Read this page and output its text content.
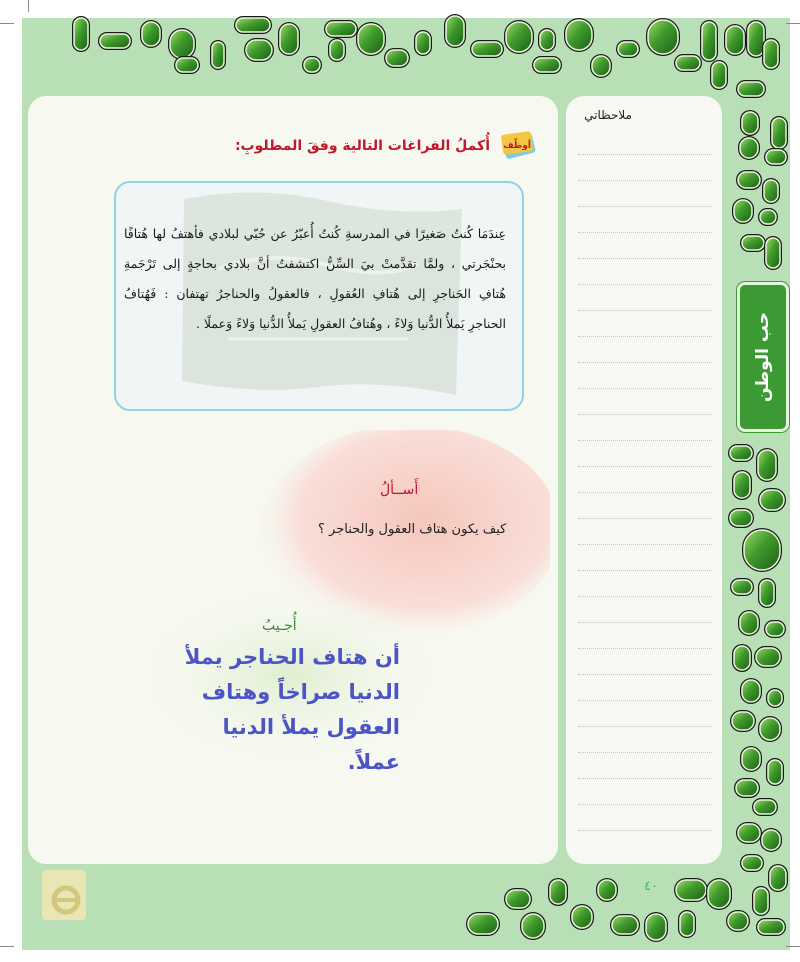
ملاحظاتي
حب الوطن
أوظّف
أُكملُ الفراغات التالية وفقَ المطلوبِ:
عِندَمَا كُنتُ صَغيرًا في المدرسةِ كُنتُ أُعبّرُ عن حُبّي لبلادي فأهتفُ لها هُتافًا بحنْجَرتي ، ولمَّا تقدَّمتْ بيَ السِّنُّ اكتشفتُ أنَّ بلادي بحاجةٍ إلى تَرْجَمةِ هُتافِ الحَناجرِ إلى هُتافِ العُقولِ ، فالعقولُ والحناجرُ تهتفان : فَهُتافُ الحناجرِ يَملأُ الدُّنيا وَلاءً ، وهُتافُ العقولِ يَملأُ الدُّنيا وَلاءً وَعملًا .
أَســألُ
كيف يكون هتاف العقول والحناجر ؟
أُجـيبُ
أن هتاف الحناجر يملأ الدنيا صراخاً وهتاف العقول يملأ الدنيا عملاً.
٤٠
